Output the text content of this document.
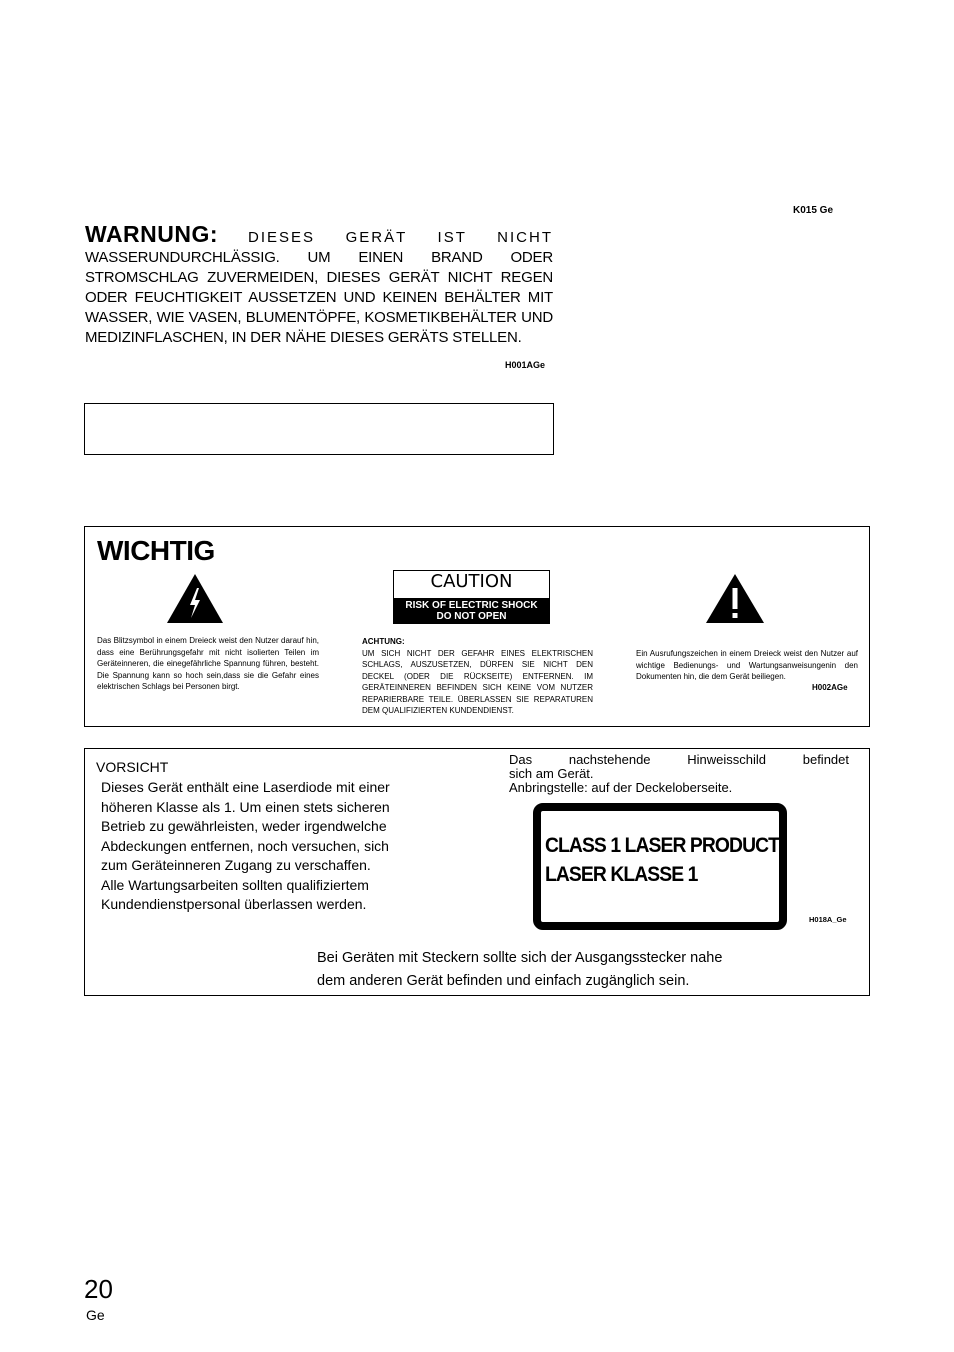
K015 Ge
WARNUNG: DIESES GERÄT IST NICHT
WASSERUNDURCHLÄSSIG. UM EINEN BRAND ODER STROMSCHLAG ZUVERMEIDEN, DIESES GERÄT NICHT REGEN ODER FEUCHTIGKEIT AUSSETZEN UND KEINEN BEHÄLTER MIT WASSER, WIE VASEN, BLUMENTÖPFE, KOSMETIKBEHÄLTER UND MEDIZINFLASCHEN, IN DER NÄHE DIESES GERÄTS STELLEN.
H001AGe
WICHTIG
CAUTION
RISK OF ELECTRIC SHOCK
DO NOT OPEN
Das Blitzsymbol in einem Dreieck weist den Nutzer darauf hin, dass eine Berührungsgefahr mit nicht isolierten Teilen im Geräteinneren, die einegefährliche Spannung führen, besteht. Die Spannung kann so hoch sein,dass sie die Gefahr eines elektrischen Schlags bei Personen birgt.
ACHTUNG:
UM SICH NICHT DER GEFAHR EINES ELEKTRISCHEN SCHLAGS, AUSZUSETZEN, DÜRFEN SIE NICHT DEN DECKEL (ODER DIE RÜCKSEITE) ENTFERNEN. IM GERÄTEINNEREN BEFINDEN SICH KEINE VOM NUTZER REPARIERBARE TEILE. ÜBERLASSEN SIE REPARATUREN DEM QUALIFIZIERTEN KUNDENDIENST.
Ein Ausrufungszeichen in einem Dreieck weist den Nutzer auf wichtige Bedienungs- und Wartungsanweisungenin den Dokumenten hin, die dem Gerät beiliegen.
H002AGe
VORSICHT
Dieses Gerät enthält eine Laserdiode mit einer
höheren Klasse als 1. Um einen stets sicheren
Betrieb zu gewährleisten, weder irgendwelche
Abdeckungen entfernen, noch versuchen, sich
zum Geräteinneren Zugang zu verschaffen.
Alle Wartungsarbeiten sollten qualifiziertem
Kundendienstpersonal überlassen werden.
Das nachstehende Hinweisschild befindet
sich am Gerät.
Anbringstelle: auf der Deckeloberseite.
CLASS 1 LASER PRODUCT
LASER KLASSE 1
H018A_Ge
Bei Geräten mit Steckern sollte sich der Ausgangsstecker nahe
dem anderen Gerät befinden und einfach zugänglich sein.
20
Ge
